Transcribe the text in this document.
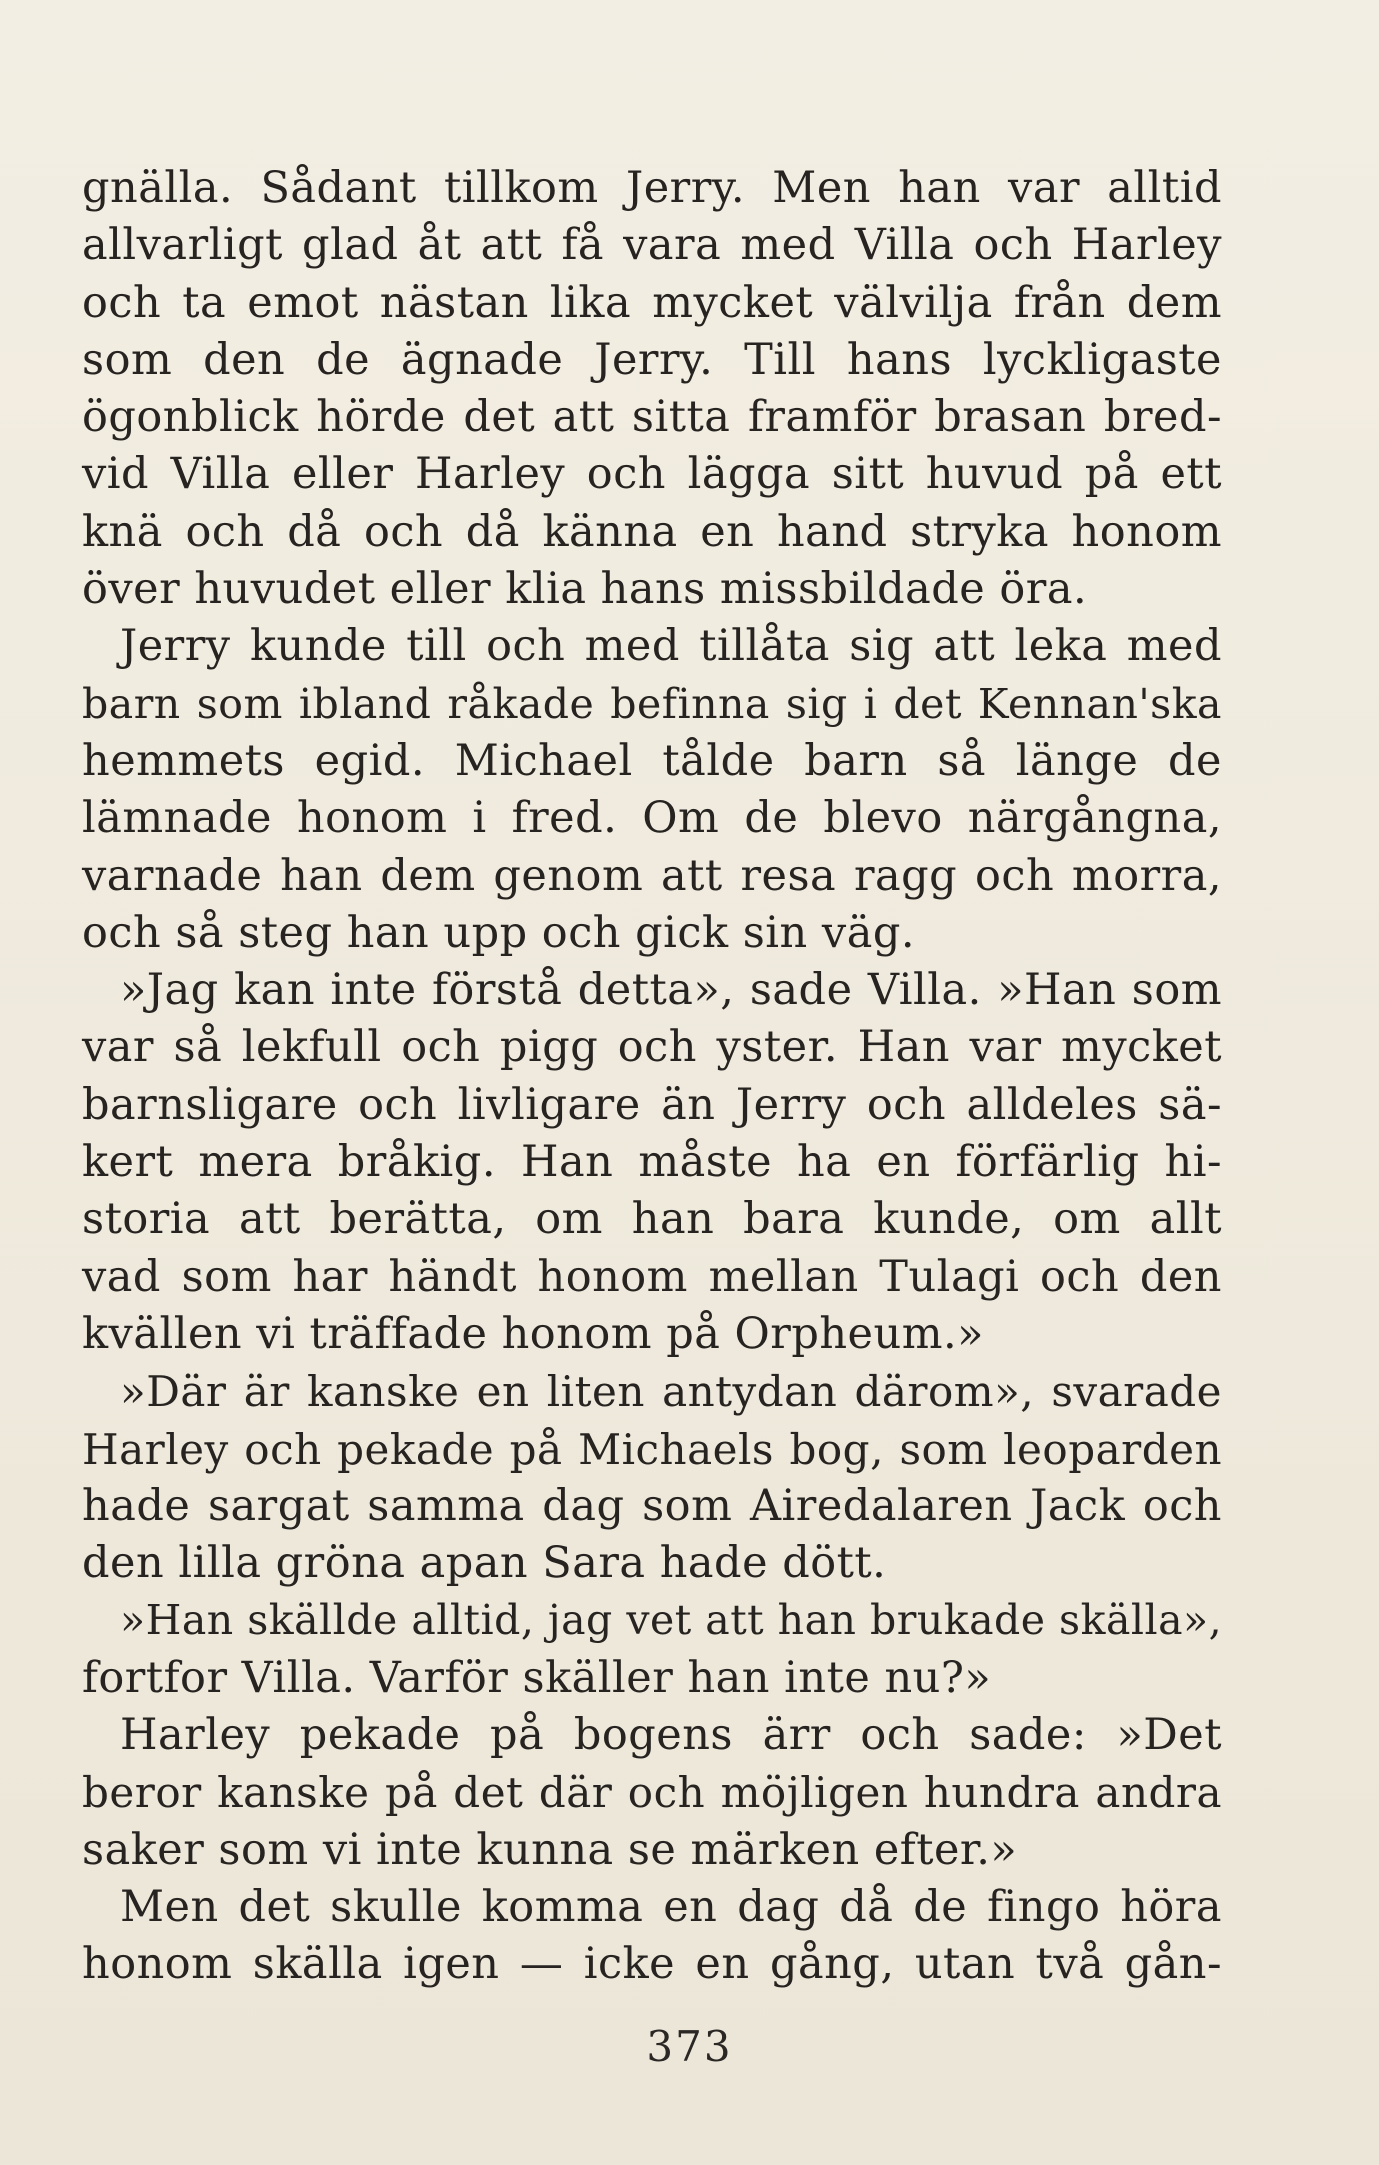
gnälla. Sådant tillkom Jerry. Men han var alltid
allvarligt glad åt att få vara med Villa och Harley
och ta emot nästan lika mycket välvilja från dem
som den de ägnade Jerry. Till hans lyckligaste
ögonblick hörde det att sitta framför brasan bred-
vid Villa eller Harley och lägga sitt huvud på ett
knä och då och då känna en hand stryka honom
över huvudet eller klia hans missbildade öra.
Jerry kunde till och med tillåta sig att leka med
barn som ibland råkade befinna sig i det Kennan'ska
hemmets egid. Michael tålde barn så länge de
lämnade honom i fred. Om de blevo närgångna,
varnade han dem genom att resa ragg och morra,
och så steg han upp och gick sin väg.
»Jag kan inte förstå detta», sade Villa. »Han som
var så lekfull och pigg och yster. Han var mycket
barnsligare och livligare än Jerry och alldeles sä-
kert mera bråkig. Han måste ha en förfärlig hi-
storia att berätta, om han bara kunde, om allt
vad som har händt honom mellan Tulagi och den
kvällen vi träffade honom på Orpheum.»
»Där är kanske en liten antydan därom», svarade
Harley och pekade på Michaels bog, som leoparden
hade sargat samma dag som Airedalaren Jack och
den lilla gröna apan Sara hade dött.
»Han skällde alltid, jag vet att han brukade skälla»,
fortfor Villa. Varför skäller han inte nu?»
Harley pekade på bogens ärr och sade: »Det
beror kanske på det där och möjligen hundra andra
saker som vi inte kunna se märken efter.»
Men det skulle komma en dag då de fingo höra
honom skälla igen — icke en gång, utan två gån-
373
